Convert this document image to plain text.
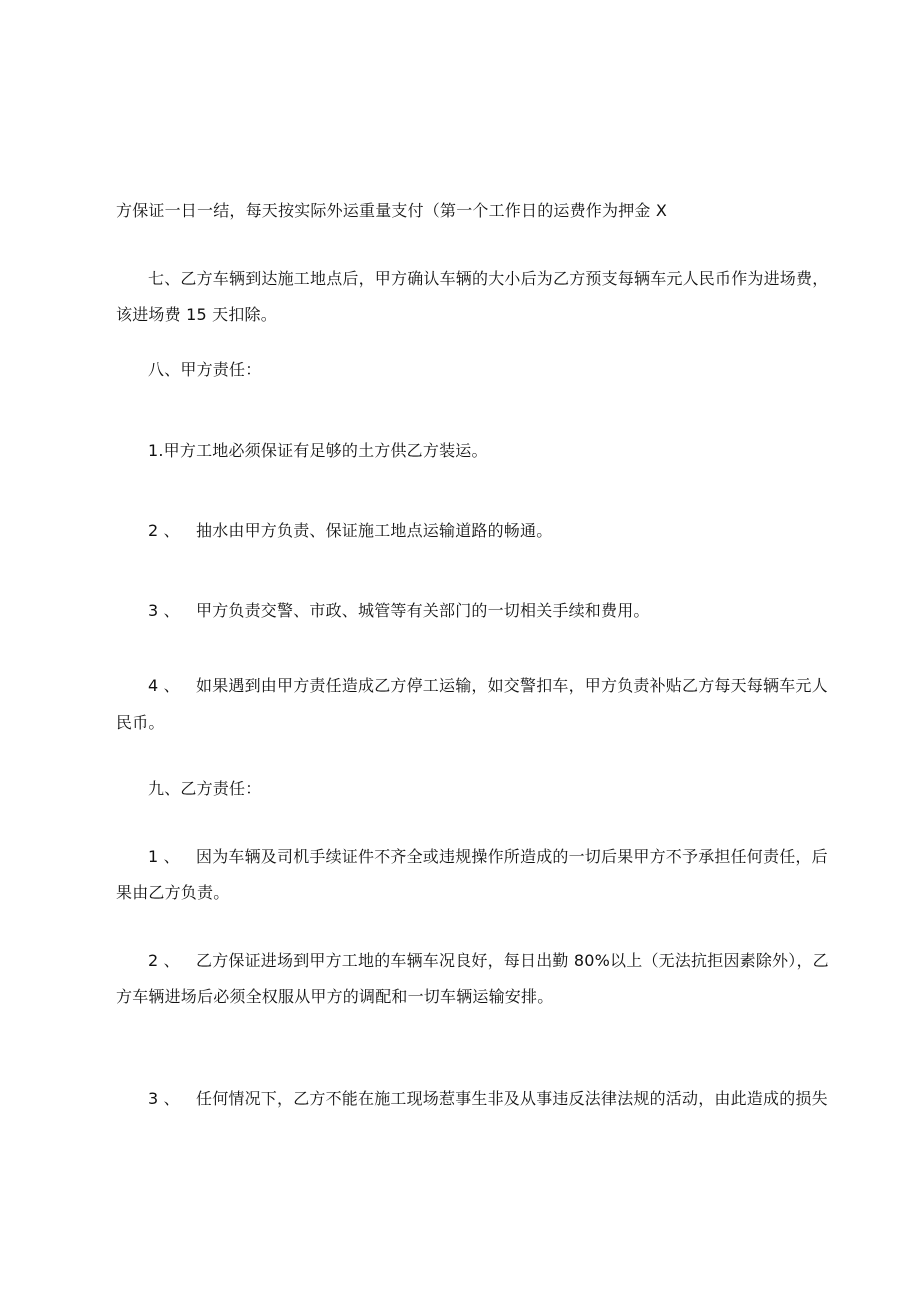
方保证一日一结，每天按实际外运重量支付（第一个工作日的运费作为押金 X
七、乙方车辆到达施工地点后，甲方确认车辆的大小后为乙方预支每辆车元人民币作为进场费，
该进场费 15 天扣除。
八、甲方责任：
1.甲方工地必须保证有足够的土方供乙方装运。
2 、 抽水由甲方负责、保证施工地点运输道路的畅通。
3 、 甲方负责交警、市政、城管等有关部门的一切相关手续和费用。
4 、 如果遇到由甲方责任造成乙方停工运输，如交警扣车，甲方负责补贴乙方每天每辆车元人
民币。
九、乙方责任：
1 、 因为车辆及司机手续证件不齐全或违规操作所造成的一切后果甲方不予承担任何责任，后
果由乙方负责。
2 、 乙方保证进场到甲方工地的车辆车况良好，每日出勤 80%以上（无法抗拒因素除外），乙
方车辆进场后必须全权服从甲方的调配和一切车辆运输安排。
3 、 任何情况下，乙方不能在施工现场惹事生非及从事违反法律法规的活动，由此造成的损失
